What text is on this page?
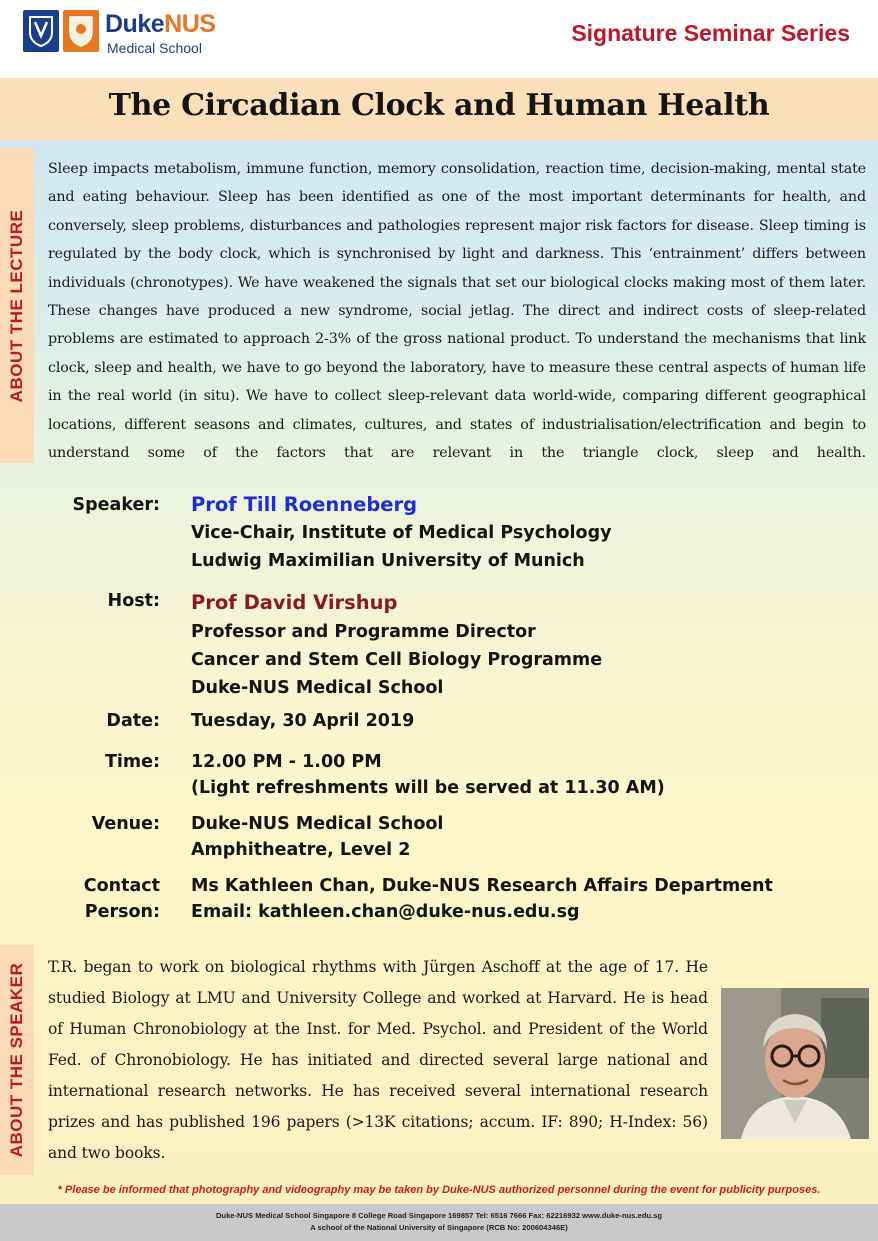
DukeNUS
Medical School
Signature Seminar Series
The Circadian Clock and Human Health
ABOUT THE LECTURE
ABOUT THE SPEAKER
Sleep impacts metabolism, immune function, memory consolidation, reaction time, decision-making, mental state and eating behaviour. Sleep has been identified as one of the most important determinants for health, and conversely, sleep problems, disturbances and pathologies represent major risk factors for disease. Sleep timing is regulated by the body clock, which is synchronised by light and darkness. This ‘entrainment’ differs between individuals (chronotypes). We have weakened the signals that set our biological clocks making most of them later. These changes have produced a new syndrome, social jetlag. The direct and indirect costs of sleep-related problems are estimated to approach 2-3% of the gross national product. To understand the mechanisms that link clock, sleep and health, we have to go beyond the laboratory, have to measure these central aspects of human life in the real world (in situ). We have to collect sleep-relevant data world-wide, comparing different geographical locations, different seasons and climates, cultures, and states of industrialisation/electrification and begin to understand some of the factors that are relevant in the triangle clock, sleep and health.
Speaker: Prof Till Roenneberg
Vice-Chair, Institute of Medical Psychology
Ludwig Maximilian University of Munich
Host: Prof David Virshup
Professor and Programme Director
Cancer and Stem Cell Biology Programme
Duke-NUS Medical School
Date: Tuesday, 30 April 2019
Time: 12.00 PM - 1.00 PM
(Light refreshments will be served at 11.30 AM)
Venue: Duke-NUS Medical School
Amphitheatre, Level 2
Contact
Person:
Ms Kathleen Chan, Duke-NUS Research Affairs Department
Email: kathleen.chan@duke-nus.edu.sg
T.R. began to work on biological rhythms with Jürgen Aschoff at the age of 17. He studied Biology at LMU and University College and worked at Harvard. He is head of Human Chronobiology at the Inst. for Med. Psychol. and President of the World Fed. of Chronobiology. He has initiated and directed several large national and international research networks. He has received several international research prizes and has published 196 papers (>13K citations; accum. IF: 890; H-Index: 56) and two books.
* Please be informed that photography and videography may be taken by Duke-NUS authorized personnel during the event for publicity purposes.
Duke-NUS Medical School Singapore 8 College Road Singapore 169857 Tel: 6516 7666 Fax: 62216932 www.duke-nus.edu.sg
A school of the National University of Singapore (RCB No: 200604346E)
